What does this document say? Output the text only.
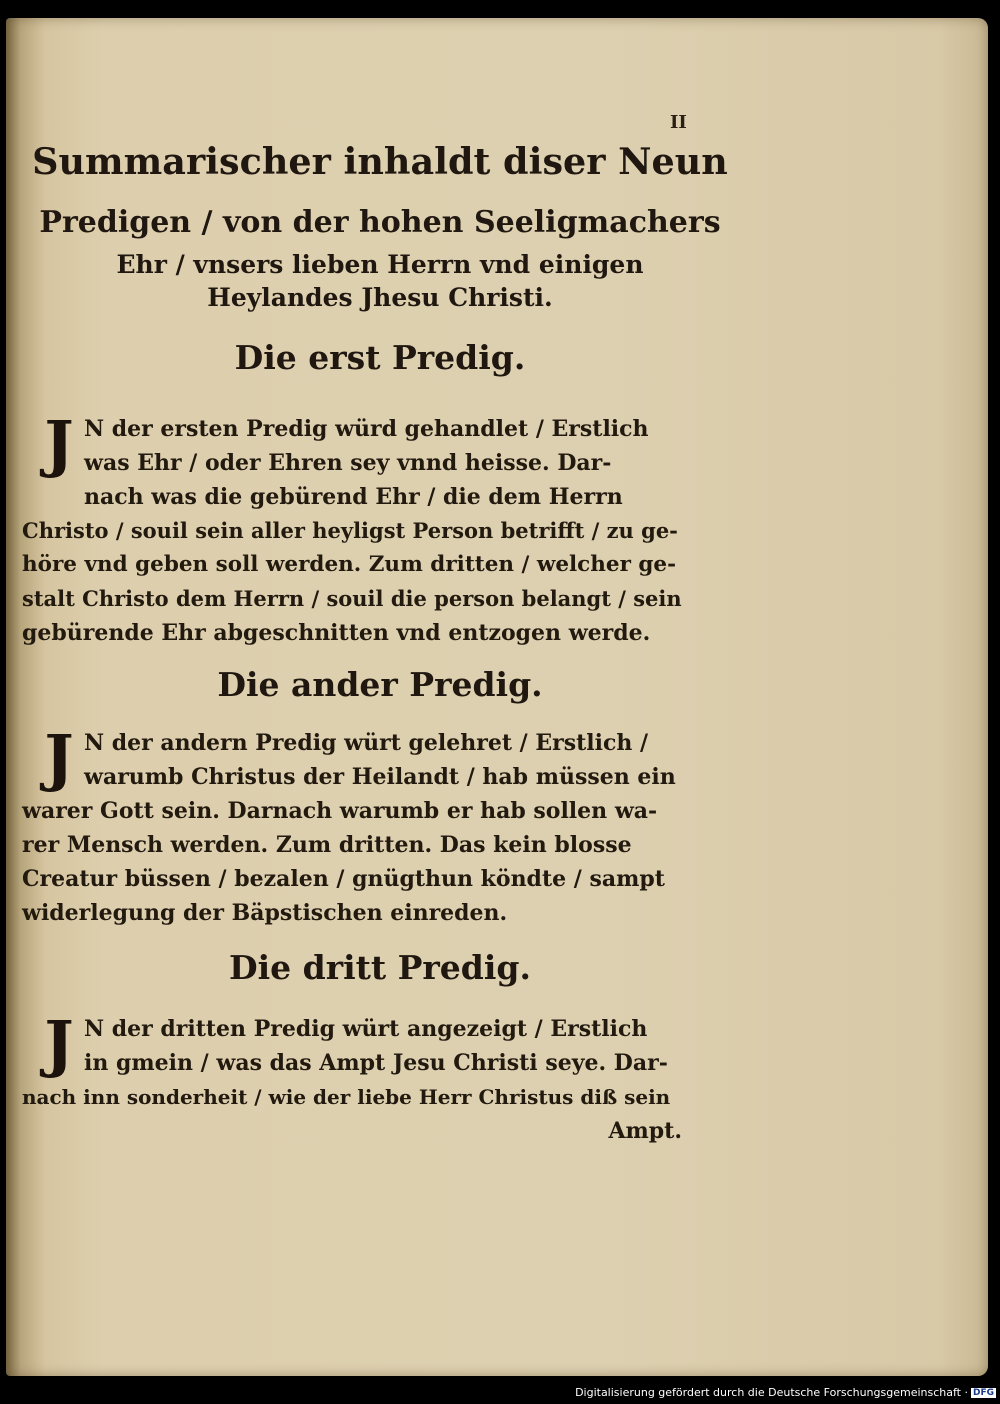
II
Summarischer inhaldt diser Neun
Predigen / von der hohen Seeligmachers
Ehr / vnsers lieben Herrn vnd einigen
Heylandes Jhesu Christi.
Die erst Predig.
J N der ersten Predig würd gehandlet / Erstlich
was Ehr / oder Ehren sey vnnd heisse. Dar-
nach was die gebürend Ehr / die dem Herrn
Christo / souil sein aller heyligst Person betrifft / zu ge-
höre vnd geben soll werden. Zum dritten / welcher ge-
stalt Christo dem Herrn / souil die person belangt / sein
gebürende Ehr abgeschnitten vnd entzogen werde.
Die ander Predig.
J N der andern Predig würt gelehret / Erstlich /
warumb Christus der Heilandt / hab müssen ein
warer Gott sein. Darnach warumb er hab sollen wa-
rer Mensch werden. Zum dritten. Das kein blosse
Creatur büssen / bezalen / gnügthun köndte / sampt
widerlegung der Bäpstischen einreden.
Die dritt Predig.
J N der dritten Predig würt angezeigt / Erstlich
in gmein / was das Ampt Jesu Christi seye. Dar-
nach inn sonderheit / wie der liebe Herr Christus diß sein
Ampt.
Digitalisierung gefördert durch die Deutsche Forschungsgemeinschaft · DFG
